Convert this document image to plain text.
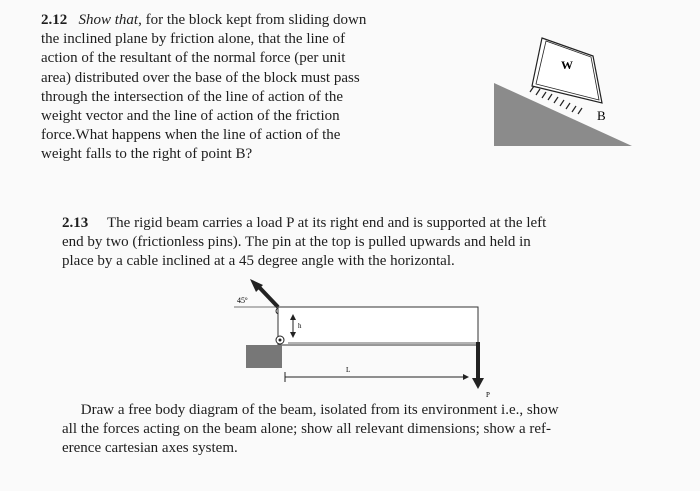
2.12 Show that, for the block kept from sliding down
the inclined plane by friction alone, that the line of
action of the resultant of the normal force (per unit
area) distributed over the base of the block must pass
through the intersection of the line of action of the
weight vector and the line of action of the friction
force.What happens when the line of action of the
weight falls to the right of point B?
W
B
2.13 The rigid beam carries a load P at its right end and is supported at the left
end by two (frictionless pins). The pin at the top is pulled upwards and held in
place by a cable inclined at a 45 degree angle with the horizontal.
45º
h
L
P
Draw a free body diagram of the beam, isolated from its environment i.e., show
all the forces acting on the beam alone; show all relevant dimensions; show a ref-
erence cartesian axes system.
